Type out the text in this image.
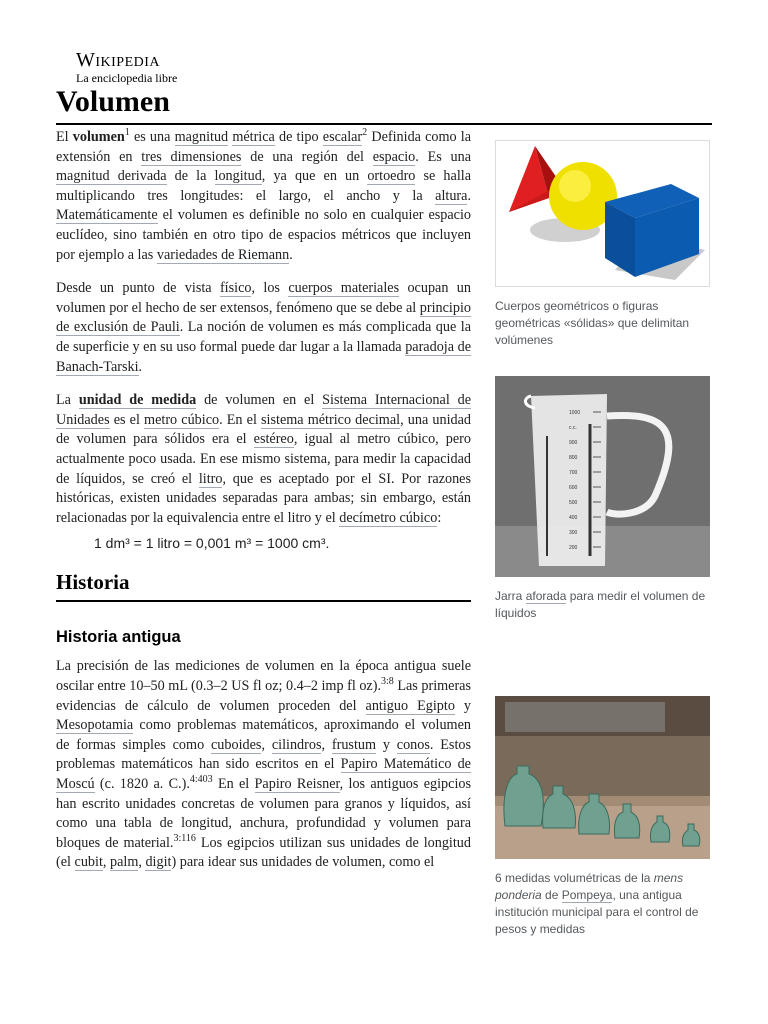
Wikipedia
La enciclopedia libre
Volumen

El volumen$^1$ es una magnitud métrica de tipo escalar$^2$ Definida como la extensión en tres dimensiones de una región del espacio. Es una magnitud derivada de la longitud, ya que en un ortoedro se halla multiplicando tres longitudes: el largo, el ancho y la altura. Matemáticamente el volumen es definible no solo en cualquier espacio euclídeo, sino también en otro tipo de espacios métricos que incluyen por ejemplo a las variedades de Riemann.

Desde un punto de vista físico, los cuerpos materiales ocupan un volumen por el hecho de ser extensos, fenómeno que se debe al principio de exclusión de Pauli. La noción de volumen es más complicada que la de superficie y en su uso formal puede dar lugar a la llamada paradoja de Banach-Tarski.

La unidad de medida de volumen en el Sistema Internacional de Unidades es el metro cúbico. En el sistema métrico decimal, una unidad de volumen para sólidos era el estéreo, igual al metro cúbico, pero actualmente poco usada. En ese mismo sistema, para medir la capacidad de líquidos, se creó el litro, que es aceptado por el SI. Por razones históricas, existen unidades separadas para ambas; sin embargo, están relacionadas por la equivalencia entre el litro y el decímetro cúbico:

1 dm³ = 1 litro = 0,001 m³ = 1000 cm³.
Historia
Historia antigua

La precisión de las mediciones de volumen en la época antigua suele oscilar entre 10–50 mL (0.3–2 US fl oz; 0.4–2 imp fl oz).$^{3:8}$ Las primeras evidencias de cálculo de volumen proceden del antiguo Egipto y Mesopotamia como problemas matemáticos, aproximando el volumen de formas simples como cuboides, cilindros, frustum y conos. Estos problemas matemáticos han sido escritos en el Papiro Matemático de Moscú (c. 1820 a. C.).$^{4:403}$ En el Papiro Reisner, los antiguos egipcios han escrito unidades concretas de volumen para granos y líquidos, así como una tabla de longitud, anchura, profundidad y volumen para bloques de material.$^{3:116}$ Los egipcios utilizan sus unidades de longitud (el cubit, palm, digit) para idear sus unidades de volumen, como el

Cuerpos geométricos o figuras geométricas «sólidas» que delimitan volúmenes
1000
c.c.
900
800
700
600
500
400
300
200
Jarra aforada para medir el volumen de líquidos
6 medidas volumétricas de la mens ponderia de Pompeya, una antigua institución municipal para el control de pesos y medidas
